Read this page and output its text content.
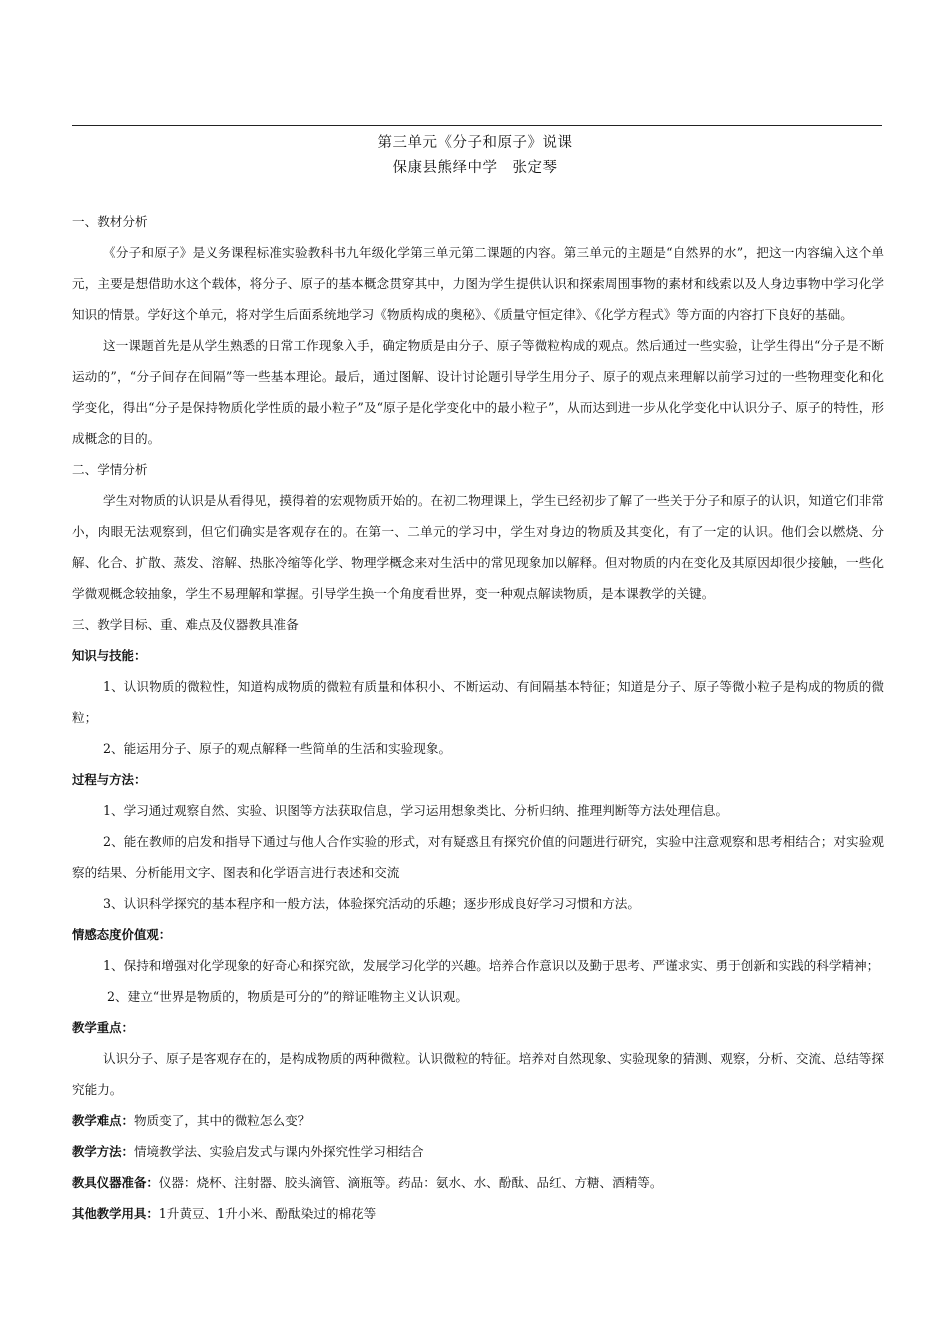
第三单元《分子和原子》说课
保康县熊绎中学　张定琴

一、教材分析

《分子和原子》是义务课程标准实验教科书九年级化学第三单元第二课题的内容。第三单元的主题是“自然界的水”，把这一内容编入这个单元，主要是想借助水这个载体，将分子、原子的基本概念贯穿其中，力图为学生提供认识和探索周围事物的素材和线索以及人身边事物中学习化学知识的情景。学好这个单元，将对学生后面系统地学习《物质构成的奥秘》、《质量守恒定律》、《化学方程式》等方面的内容打下良好的基础。

这一课题首先是从学生熟悉的日常工作现象入手，确定物质是由分子、原子等微粒构成的观点。然后通过一些实验，让学生得出“分子是不断运动的”，“分子间存在间隔”等一些基本理论。最后，通过图解、设计讨论题引导学生用分子、原子的观点来理解以前学习过的一些物理变化和化学变化，得出“分子是保持物质化学性质的最小粒子”及“原子是化学变化中的最小粒子”，从而达到进一步从化学变化中认识分子、原子的特性，形成概念的目的。

二、学情分析

学生对物质的认识是从看得见，摸得着的宏观物质开始的。在初二物理课上，学生已经初步了解了一些关于分子和原子的认识，知道它们非常小，肉眼无法观察到，但它们确实是客观存在的。在第一、二单元的学习中，学生对身边的物质及其变化，有了一定的认识。他们会以燃烧、分解、化合、扩散、蒸发、溶解、热胀冷缩等化学、物理学概念来对生活中的常见现象加以解释。但对物质的内在变化及其原因却很少接触，一些化学微观概念较抽象，学生不易理解和掌握。引导学生换一个角度看世界，变一种观点解读物质，是本课教学的关键。

三、教学目标、重、难点及仪器教具准备

知识与技能：

1、认识物质的微粒性，知道构成物质的微粒有质量和体积小、不断运动、有间隔基本特征；知道是分子、原子等微小粒子是构成的物质的微粒；

2、能运用分子、原子的观点解释一些简单的生活和实验现象。

过程与方法：

1、学习通过观察自然、实验、识图等方法获取信息，学习运用想象类比、分析归纳、推理判断等方法处理信息。

2、能在教师的启发和指导下通过与他人合作实验的形式，对有疑惑且有探究价值的问题进行研究，实验中注意观察和思考相结合；对实验观察的结果、分析能用文字、图表和化学语言进行表述和交流

3、认识科学探究的基本程序和一般方法，体验探究活动的乐趣；逐步形成良好学习习惯和方法。

情感态度价值观：

1、保持和增强对化学现象的好奇心和探究欲，发展学习化学的兴趣。培养合作意识以及勤于思考、严谨求实、勇于创新和实践的科学精神；

2、建立“世界是物质的，物质是可分的”的辩证唯物主义认识观。

教学重点：

认识分子、原子是客观存在的，是构成物质的两种微粒。认识微粒的特征。培养对自然现象、实验现象的猜测、观察，分析、交流、总结等探究能力。

教学难点：物质变了，其中的微粒怎么变？

教学方法：情境教学法、实验启发式与课内外探究性学习相结合

教具仪器准备：仪器：烧杯、注射器、胶头滴管、滴瓶等。药品：氨水、水、酚酞、品红、方糖、酒精等。

其他教学用具：1升黄豆、1升小米、酚酞染过的棉花等
